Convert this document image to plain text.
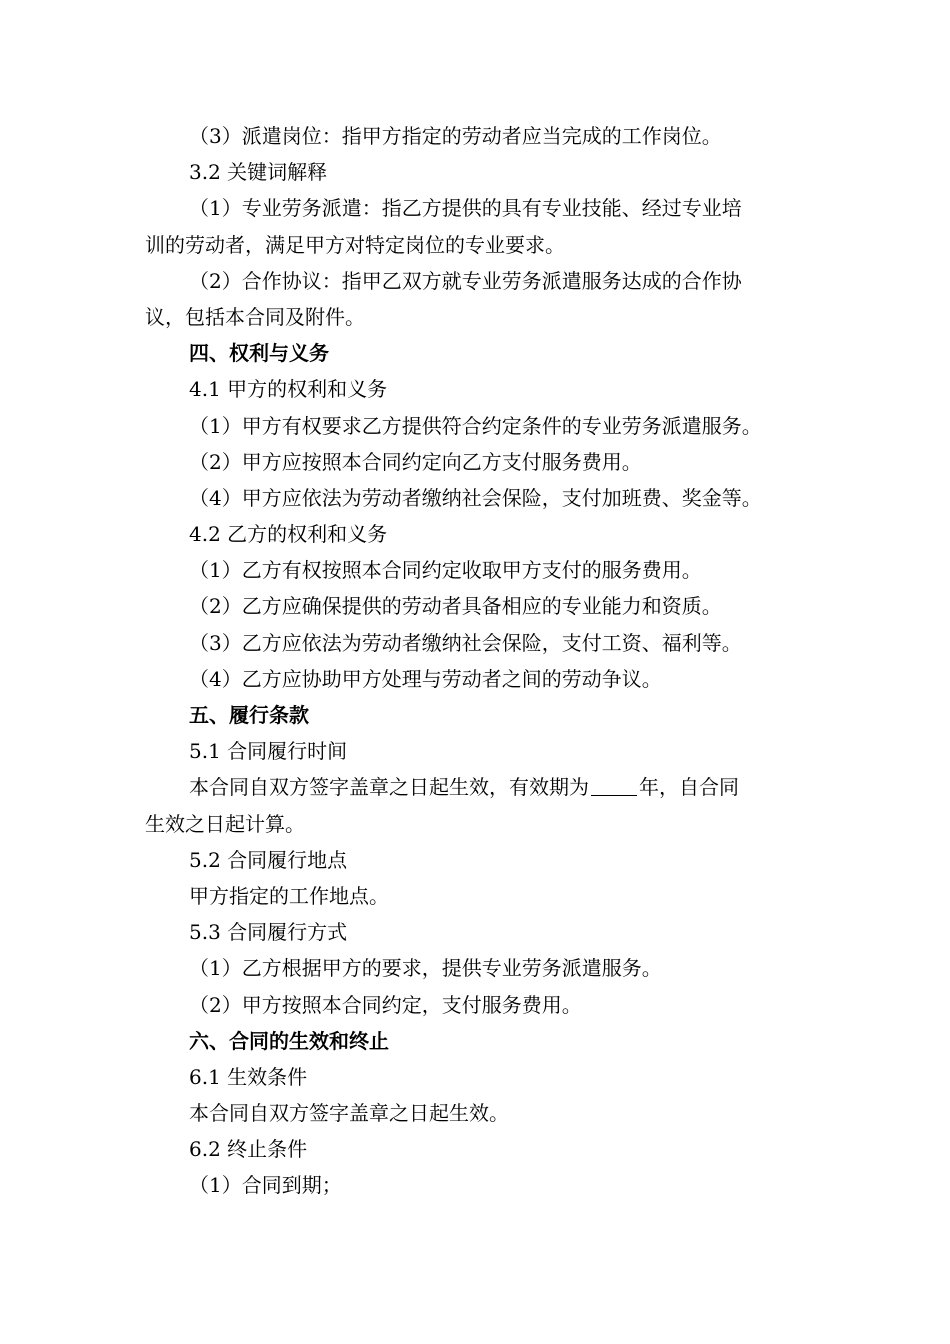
（3）派遣岗位：指甲方指定的劳动者应当完成的工作岗位。
3.2 关键词解释
（1）专业劳务派遣：指乙方提供的具有专业技能、经过专业培
训的劳动者，满足甲方对特定岗位的专业要求。
（2）合作协议：指甲乙双方就专业劳务派遣服务达成的合作协
议，包括本合同及附件。
四、权利与义务
4.1 甲方的权利和义务
（1）甲方有权要求乙方提供符合约定条件的专业劳务派遣服务。
（2）甲方应按照本合同约定向乙方支付服务费用。
（4）甲方应依法为劳动者缴纳社会保险，支付加班费、奖金等。
4.2 乙方的权利和义务
（1）乙方有权按照本合同约定收取甲方支付的服务费用。
（2）乙方应确保提供的劳动者具备相应的专业能力和资质。
（3）乙方应依法为劳动者缴纳社会保险，支付工资、福利等。
（4）乙方应协助甲方处理与劳动者之间的劳动争议。
五、履行条款
5.1 合同履行时间
本合同自双方签字盖章之日起生效，有效期为	年，自合同
生效之日起计算。
5.2 合同履行地点
甲方指定的工作地点。
5.3 合同履行方式
（1）乙方根据甲方的要求，提供专业劳务派遣服务。
（2）甲方按照本合同约定，支付服务费用。
六、合同的生效和终止
6.1 生效条件
本合同自双方签字盖章之日起生效。
6.2 终止条件
（1）合同到期；
